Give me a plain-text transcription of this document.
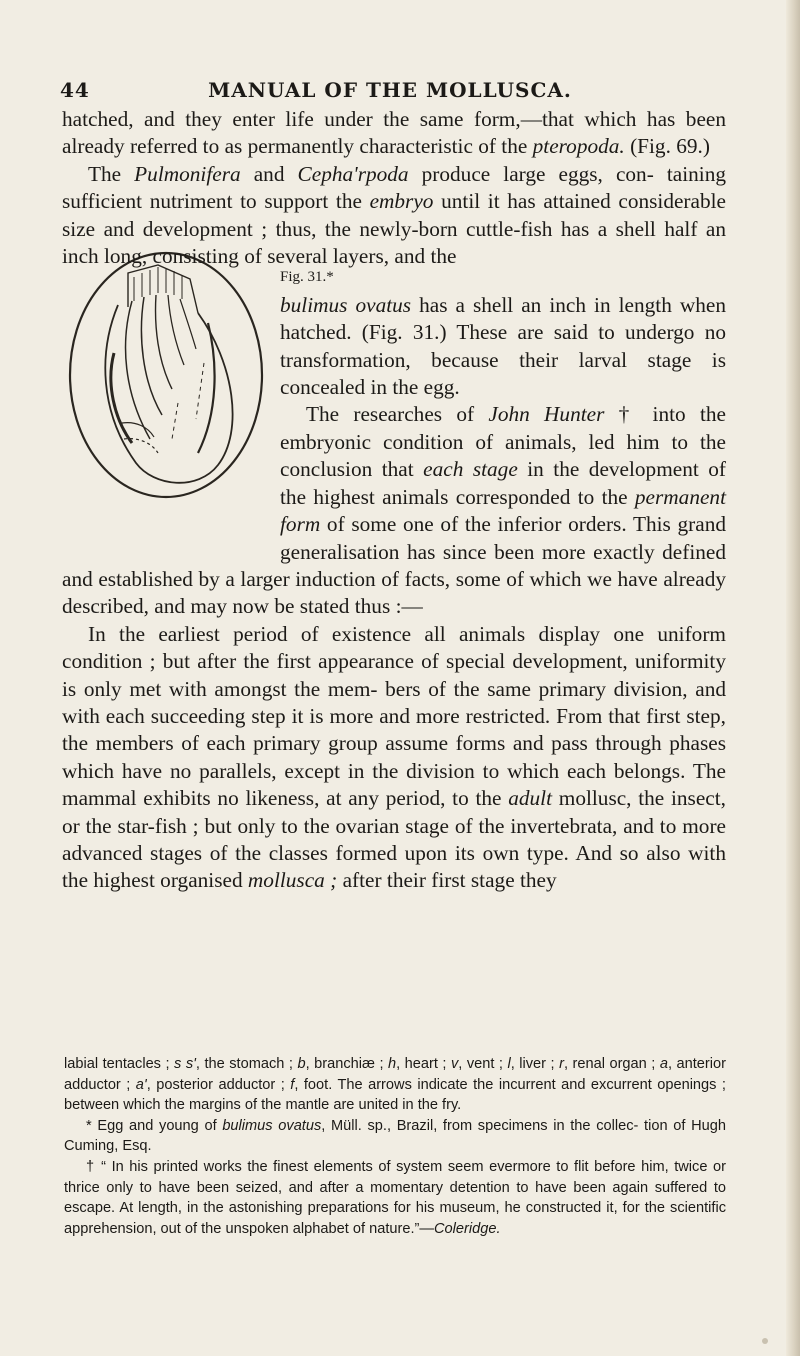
44	MANUAL OF THE MOLLUSCA.

hatched, and they enter life under the same form,—that which has been already referred to as permanently characteristic of the pteropoda. (Fig. 69.)

The Pulmonifera and Cepha'rpoda produce large eggs, con- taining sufficient nutriment to support the embryo until it has attained considerable size and development ; thus, the newly-born cuttle-fish has a shell half an inch long, consisting of several layers, and the

Fig. 31.*
bulimus ovatus has a shell an inch in length when hatched. (Fig. 31.) These are said to undergo no transformation, because their larval stage is concealed in the egg.

The researches of John Hunter † into the embryonic condition of animals, led him to the conclusion that each stage in the development of the highest animals corresponded to the permanent form of some one of the inferior orders. This grand generalisation has since been more exactly defined and established by a larger induction of facts, some of which we have already described, and may now be stated thus :—

In the earliest period of existence all animals display one uniform condition ; but after the first appearance of special development, uniformity is only met with amongst the mem- bers of the same primary division, and with each succeeding step it is more and more restricted. From that first step, the members of each primary group assume forms and pass through phases which have no parallels, except in the division to which each belongs. The mammal exhibits no likeness, at any period, to the adult mollusc, the insect, or the star-fish ; but only to the ovarian stage of the invertebrata, and to more advanced stages of the classes formed upon its own type. And so also with the highest organised mollusca ; after their first stage they

labial tentacles ; s s', the stomach ; b, branchiæ ; h, heart ; v, vent ; l, liver ; r, renal organ ; a, anterior adductor ; a', posterior adductor ; f, foot. The arrows indicate the incurrent and excurrent openings ; between which the margins of the mantle are united in the fry.

* Egg and young of bulimus ovatus, Müll. sp., Brazil, from specimens in the collec- tion of Hugh Cuming, Esq.

† “ In his printed works the finest elements of system seem evermore to flit before him, twice or thrice only to have been seized, and after a momentary detention to have been again suffered to escape. At length, in the astonishing preparations for his museum, he constructed it, for the scientific apprehension, out of the unspoken alphabet of nature.”—Coleridge.
